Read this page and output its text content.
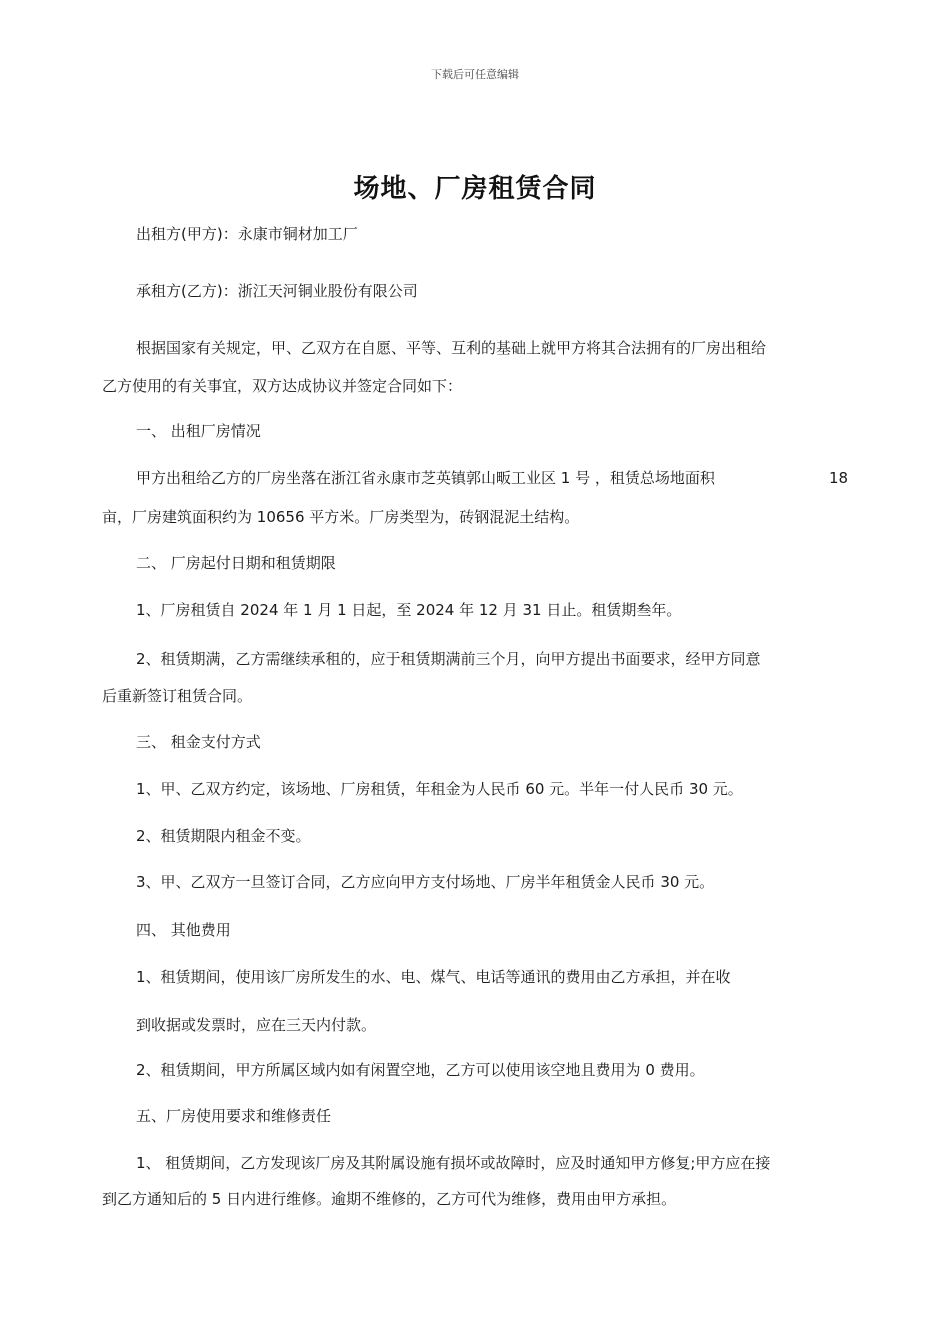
下载后可任意编辑
场地、厂房租赁合同
出租方(甲方)：永康市铜材加工厂
承租方(乙方)：浙江天河铜业股份有限公司
根据国家有关规定，甲、乙双方在自愿、平等、互利的基础上就甲方将其合法拥有的厂房出租给
乙方使用的有关事宜，双方达成协议并签定合同如下：
一、 出租厂房情况
甲方出租给乙方的厂房坐落在浙江省永康市芝英镇郭山畈工业区 1 号 ，租赁总场地面积	18
亩，厂房建筑面积约为 10656 平方米。厂房类型为，砖钢混泥土结构。
二、 厂房起付日期和租赁期限
1、厂房租赁自 2024 年 1 月 1 日起，至 2024 年 12 月 31 日止。租赁期叁年。
2、租赁期满，乙方需继续承租的，应于租赁期满前三个月，向甲方提出书面要求，经甲方同意
后重新签订租赁合同。
三、 租金支付方式
1、甲、乙双方约定，该场地、厂房租赁，年租金为人民币 60 元。半年一付人民币 30 元。
2、租赁期限内租金不变。
3、甲、乙双方一旦签订合同，乙方应向甲方支付场地、厂房半年租赁金人民币 30 元。
四、 其他费用
1、租赁期间，使用该厂房所发生的水、电、煤气、电话等通讯的费用由乙方承担，并在收
到收据或发票时，应在三天内付款。
2、租赁期间，甲方所属区域内如有闲置空地，乙方可以使用该空地且费用为 0 费用。
五、厂房使用要求和维修责任
1、 租赁期间，乙方发现该厂房及其附属设施有损坏或故障时，应及时通知甲方修复;甲方应在接
到乙方通知后的 5 日内进行维修。逾期不维修的，乙方可代为维修，费用由甲方承担。
